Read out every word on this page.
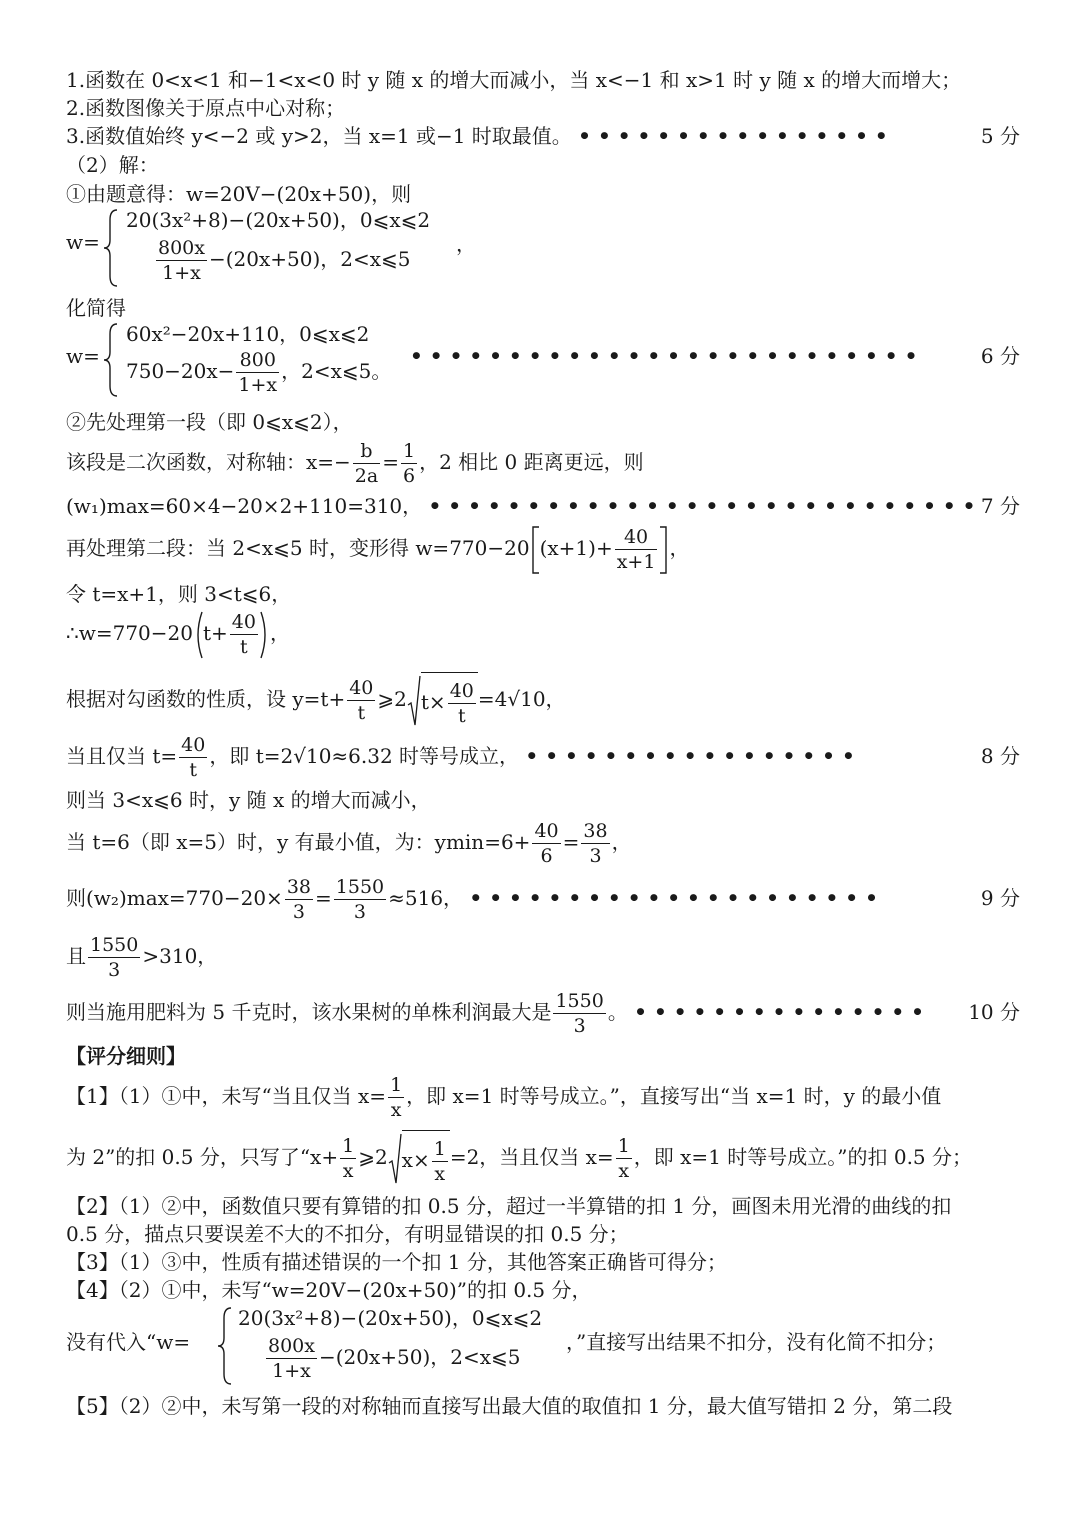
1.函数在 0<x<1 和−1<x<0 时 y 随 x 的增大而减小，当 x<−1 和 x>1 时 y 随 x 的增大而增大；
2.函数图像关于原点中心对称；
3.函数值始终 y<−2 或 y>2，当 x=1 或−1 时取最值。 ••••••••••••••••	5 分
（2）解：
①由题意得：w=20V−(20x+50)，则
w=
20(3x²+8)−(20x+50)，0⩽x⩽2
$\frac{800x}{1+x} -(20x+50)$，2<x⩽5
，
化简得
w=
60x²−20x+110，0⩽x⩽2
$750-20x- \frac{800}{1+x}$ ，2<x⩽5。
••••••••••••••••••••••••••	6 分
②先处理第一段（即 0⩽x⩽2），
该段是二次函数，对称轴：$x=- \frac{b}{2a} = \frac{1}{6}$ ，2 相比 0 距离更远，则
(w₁)max=60×4−20×2+110=310， ••••••••••••••••••••••••••••
7 分
再处理第二段：当 2<x⩽5 时，变形得 w=770−20 $(x+1)+ \frac{40}{x+1}$ ，
令 t=x+1，则 3<t⩽6，
∴w=770−20 $t+ \frac{40}{t}$ ，
根据对勾函数的性质，设 $y=t+ \frac{40}{t}$ ⩾2 $t\times \frac{40}{t} =4√10$，
当且仅当 $t= \frac{40}{t}$ ，即 t=2√10≈6.32 时等号成立， •••••••••••••••••	8 分
则当 3<x⩽6 时，y 随 x 的增大而减小，
当 t=6（即 x=5）时，y 有最小值，为：$ymin=6+ \frac{40}{6} = \frac{38}{3}$ ，
则$(w_2)\max=770-20\times \frac{38}{3} = \frac{1550}{3} \approx 516$， •••••••••••••••••••••	9 分
且 $\frac{1550}{3} >310$，
则当施用肥料为 5 千克时，该水果树的单株利润最大是 $\frac{1550}{3}$ 。 •••••••••••••••	10 分
【评分细则】
【1】（1）①中，未写“当且仅当 $x= \frac{1}{x}$ ，即 x=1 时等号成立。”，直接写出“当 x=1 时，y 的最小值
为 2”的扣 0.5 分，只写了“$x+ \frac{1}{x}$ ⩾2 $x\times \frac{1}{x} =2$，当且仅当 $x= \frac{1}{x}$ ，即 x=1 时等号成立。”的扣 0.5 分；
【2】（1）②中，函数值只要有算错的扣 0.5 分，超过一半算错的扣 1 分，画图未用光滑的曲线的扣
0.5 分，描点只要误差不大的不扣分，有明显错误的扣 0.5 分；
【3】（1）③中，性质有描述错误的一个扣 1 分，其他答案正确皆可得分；
【4】（2）①中，未写“w=20V−(20x+50)”的扣 0.5 分，
没有代入“w=
20(3x²+8)−(20x+50)，0⩽x⩽2
$\frac{800x}{1+x} -(20x+50)$，2<x⩽5
，”直接写出结果不扣分，没有化简不扣分；
【5】（2）②中，未写第一段的对称轴而直接写出最大值的取值扣 1 分，最大值写错扣 2 分，第二段
